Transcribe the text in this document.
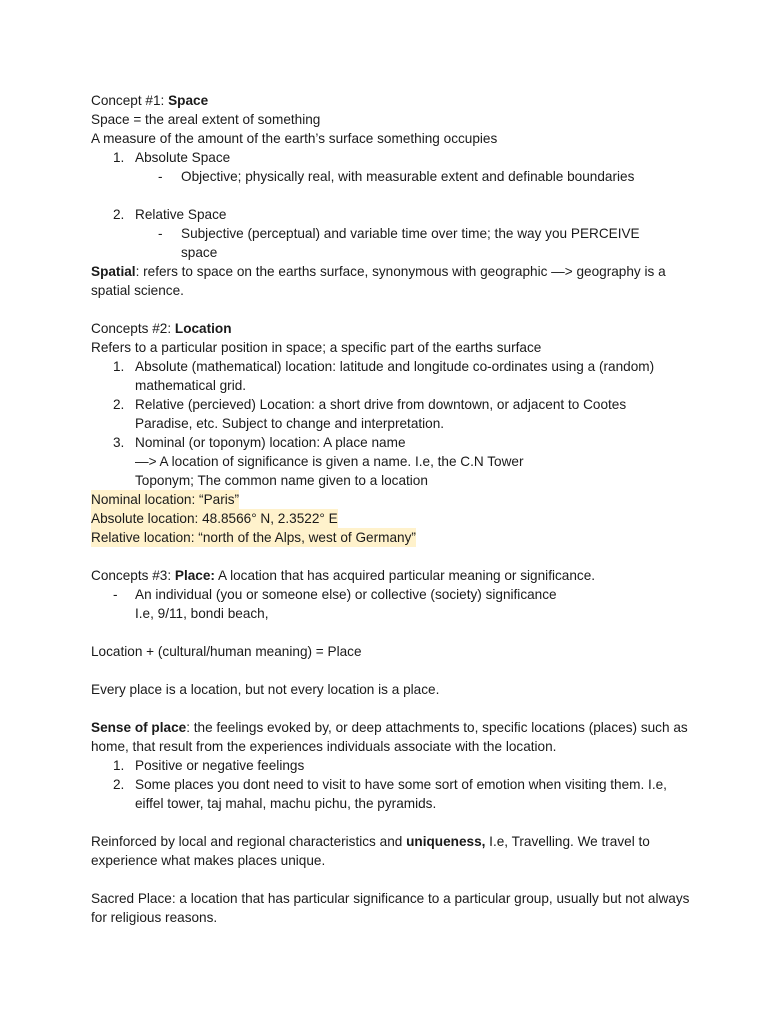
Concept #1: Space
Space = the areal extent of something
A measure of the amount of the earth’s surface something occupies
1. Absolute Space
- Objective; physically real, with measurable extent and definable boundaries
2. Relative Space
- Subjective (perceptual) and variable time over time; the way you PERCEIVE space
Spatial: refers to space on the earths surface, synonymous with geographic —> geography is a spatial science.
Concepts #2: Location
Refers to a particular position in space; a specific part of the earths surface
1. Absolute (mathematical) location: latitude and longitude co-ordinates using a (random) mathematical grid.
2. Relative (percieved) Location: a short drive from downtown, or adjacent to Cootes Paradise, etc. Subject to change and interpretation.
3. Nominal (or toponym) location: A place name
—> A location of significance is given a name. I.e, the C.N Tower
Toponym; The common name given to a location
Nominal location: “Paris”
Absolute location: 48.8566° N, 2.3522° E
Relative location: “north of the Alps, west of Germany”
Concepts #3: Place: A location that has acquired particular meaning or significance.
- An individual (you or someone else) or collective (society) significance
I.e, 9/11, bondi beach,
Location + (cultural/human meaning) = Place
Every place is a location, but not every location is a place.
Sense of place: the feelings evoked by, or deep attachments to, specific locations (places) such as home, that result from the experiences individuals associate with the location.
1. Positive or negative feelings
2. Some places you dont need to visit to have some sort of emotion when visiting them. I.e, eiffel tower, taj mahal, machu pichu, the pyramids.
Reinforced by local and regional characteristics and uniqueness, I.e, Travelling. We travel to experience what makes places unique.
Sacred Place: a location that has particular significance to a particular group, usually but not always for religious reasons.
